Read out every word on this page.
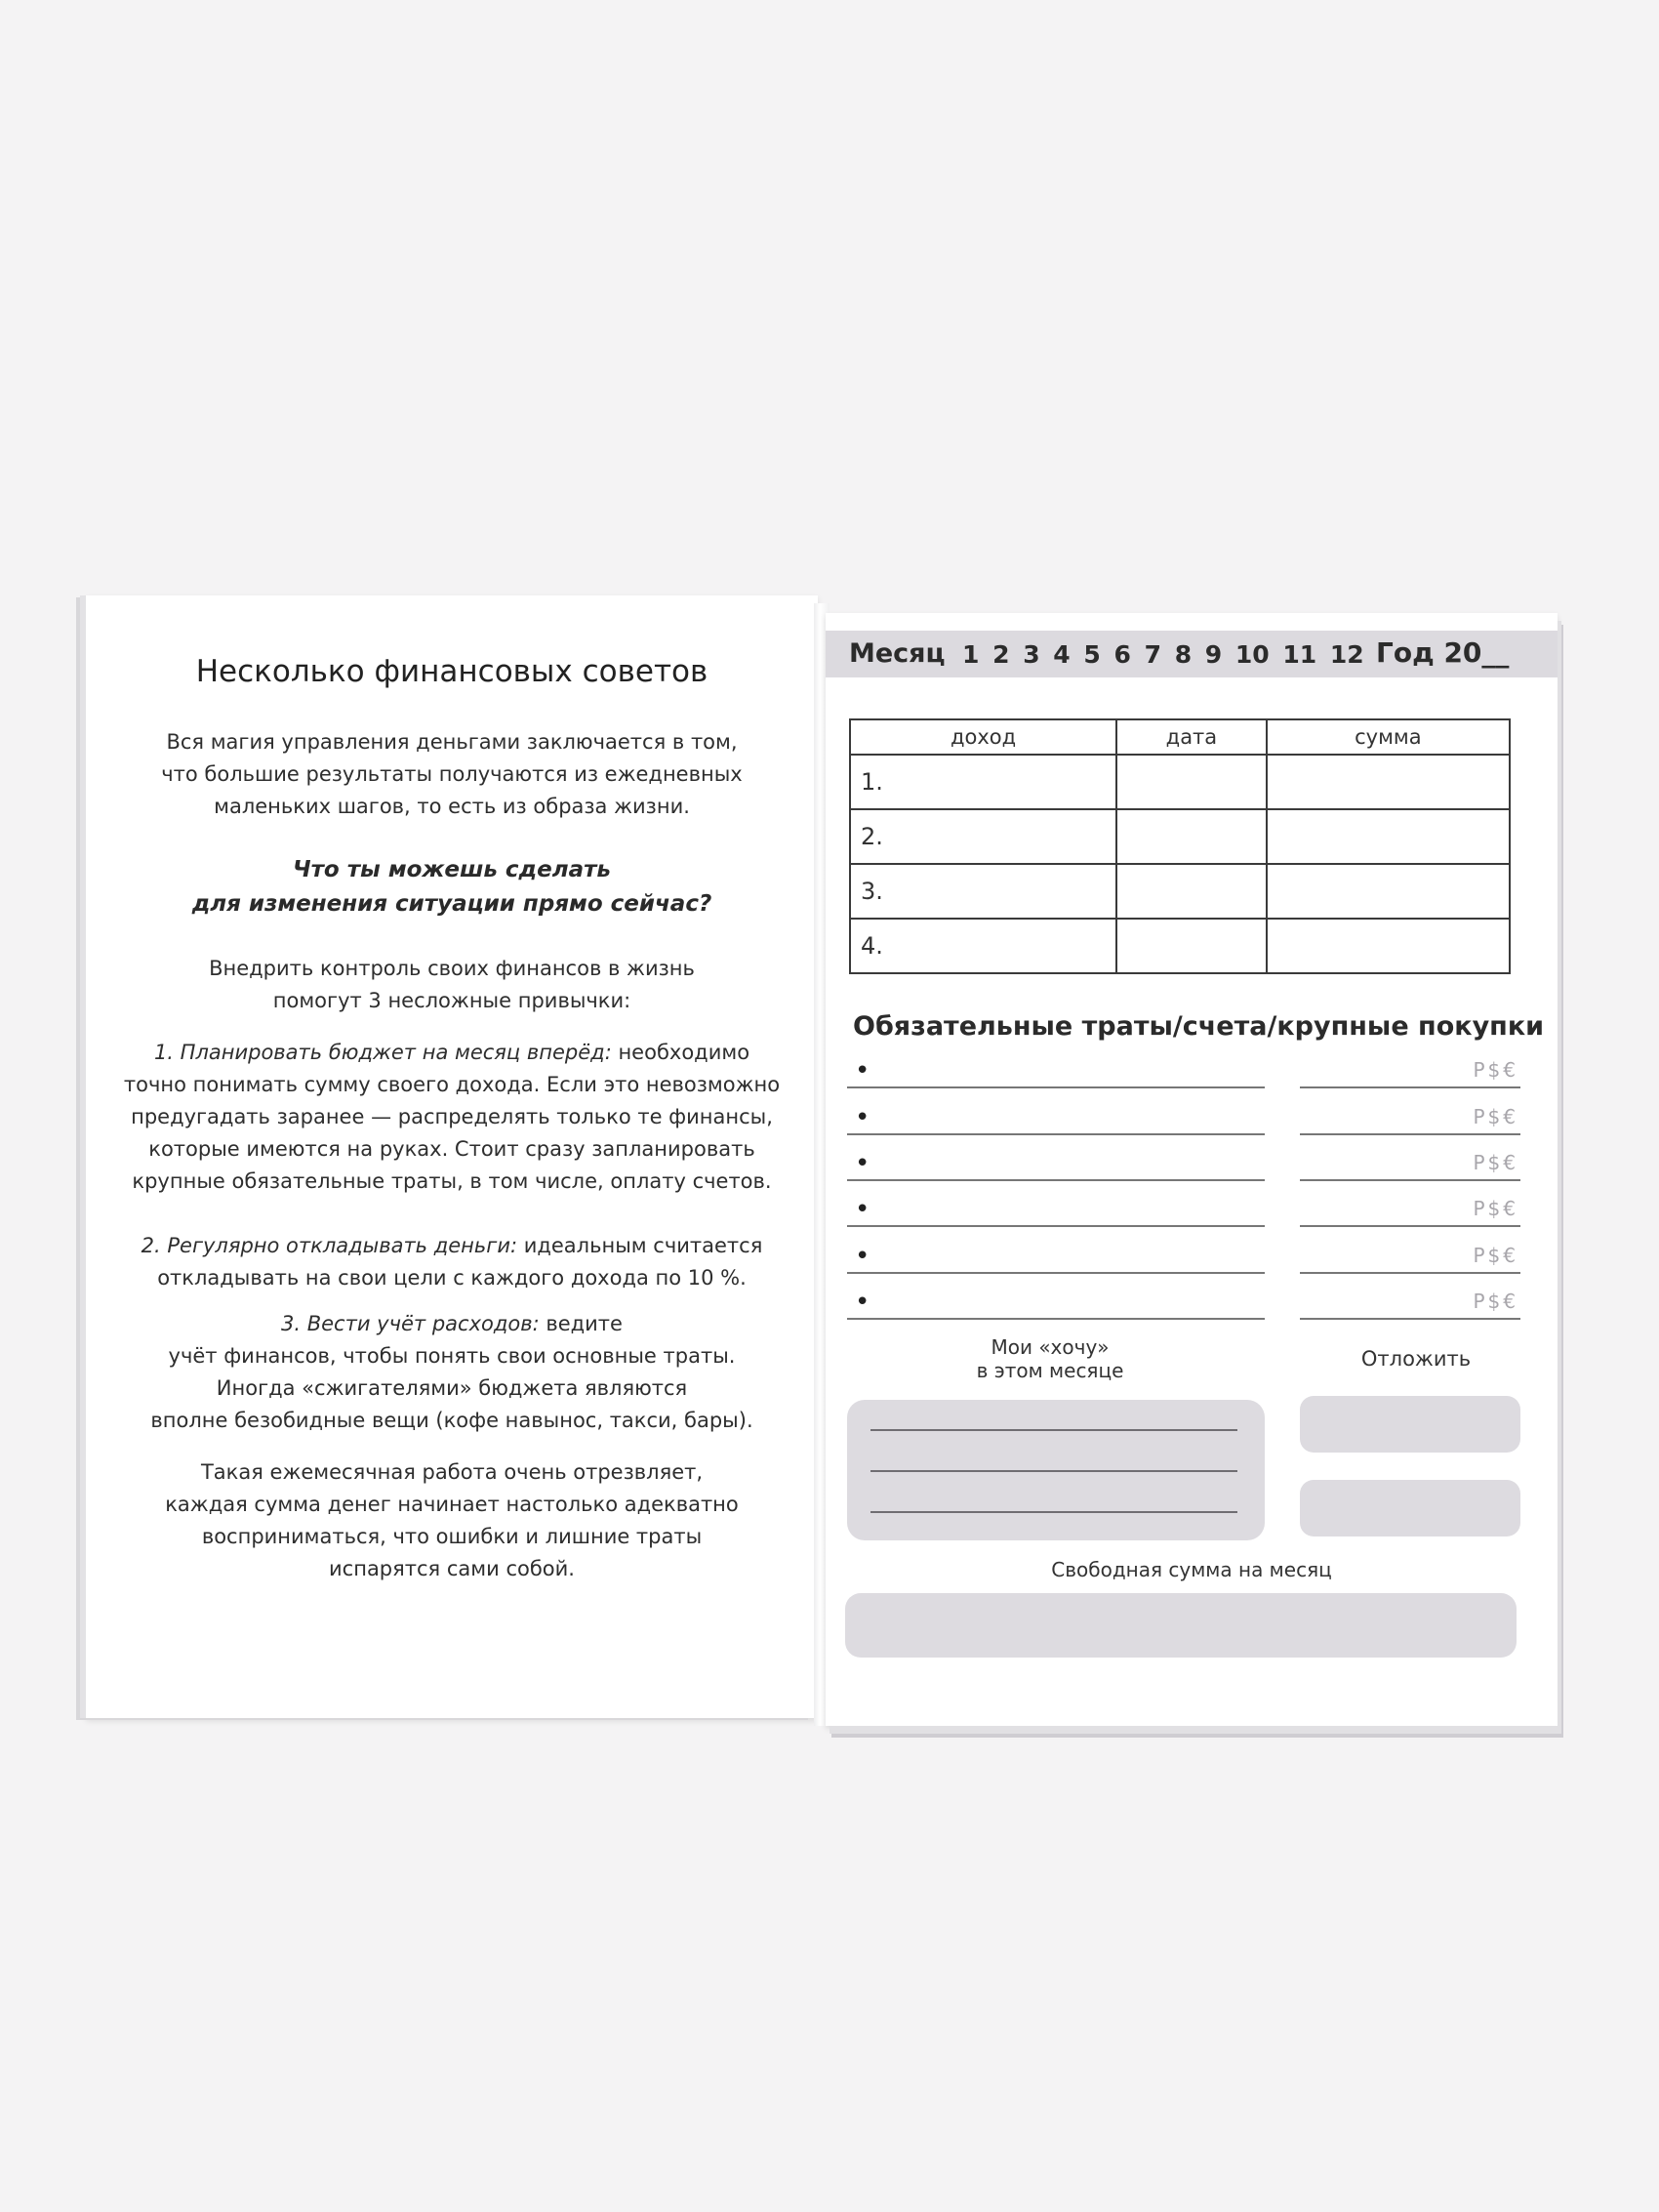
Несколько финансовых советов
Вся магия управления деньгами заключается в том,
что большие результаты получаются из ежедневных
маленьких шагов, то есть из образа жизни.
Что ты можешь сделать
для изменения ситуации прямо сейчас?
Внедрить контроль своих финансов в жизнь
помогут 3 несложные привычки:
1. Планировать бюджет на месяц вперёд: необходимо
точно понимать сумму своего дохода. Если это невозможно
предугадать заранее — распределять только те финансы,
которые имеются на руках. Стоит сразу запланировать
крупные обязательные траты, в том числе, оплату счетов.
2. Регулярно откладывать деньги: идеальным считается
откладывать на свои цели с каждого дохода по 10 %.
3. Вести учёт расходов: ведите
учёт финансов, чтобы понять свои основные траты.
Иногда «сжигателями» бюджета являются
вполне безобидные вещи (кофе навынос, такси, бары).
Такая ежемесячная работа очень отрезвляет,
каждая сумма денег начинает настолько адекватно
восприниматься, что ошибки и лишние траты
испарятся сами собой.
Месяц 1 2 3 4 5 6 7 8 9 10 11 12 Год 20__
доход	дата	сумма
1.		
2.		
3.		
4.		
Обязательные траты/счета/крупные покупки
•	Р$€
•	Р$€
•	Р$€
•	Р$€
•	Р$€
•	Р$€
Мои «хочу»
в этом месяце	Отложить
Свободная сумма на месяц
